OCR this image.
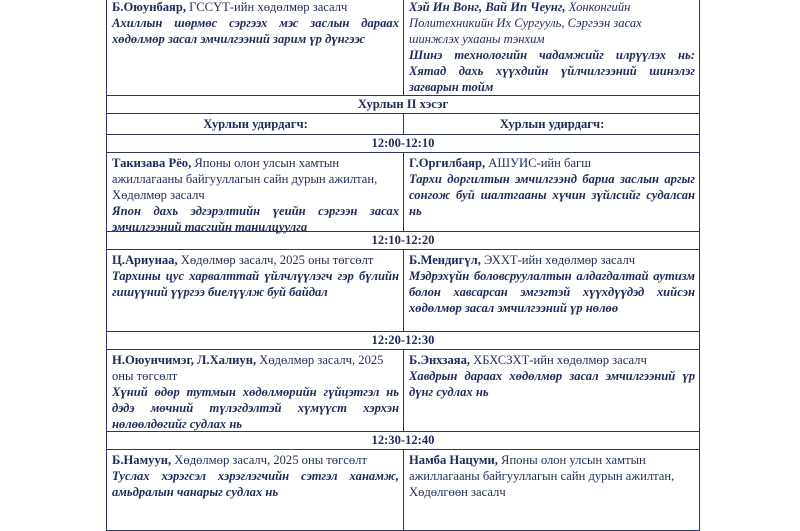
Б.Оюунбаяр, ГССҮТ-ийн хөдөлмөр засалч
Ахиллын шөрмөс сэргээх мэс заслын дараах хөдөлмөр засал эмчилгээний зарим үр дүнгээс
Хэй Ин Вонг, Вай Ип Чеунг, Хонконгийн Политехникийн Их Сургууль, Сэргээн засах шинжлэх ухааны тэнхим
Шинэ технологийн чадамжийг илрүүлэх нь: Хятад дахь хүүхдийн үйлчилгээний шинэлэг загварын тойм
Хурлын II хэсэг
Хурлын удирдагч:	Хурлын удирдагч:
12:00-12:10
Такизава Рёо, Японы олон улсын хамтын ажиллагааны байгууллагын сайн дурын ажилтан, Хөдөлмөр засалч
Япон дахь эдгэрэлтийн үеийн сэргээн засах эмчилгээний тасгийн танилцуулга
Г.Оргилбаяр, АШУИС-ийн багш
Тархи доргилтын эмчилгээнд бариа заслын аргыг сонгож буй шалтгааны хүчин зүйлсийг судалсан нь
12:10-12:20
Ц.Ариунаа, Хөдөлмөр засалч, 2025 оны төгсөлт
Тархины цус харвалттай үйлчлүүлэгч гэр бүлийн гишүүний үүргээ биелүүлж буй байдал
Б.Мендигүл, ЭХХТ-ийн хөдөлмөр засалч
Мэдрэхүйн боловсруулалтын алдагдалтай аутизм болон хавсарсан эмгэгтэй хүүхдүүдэд хийсэн хөдөлмөр засал эмчилгээний үр нөлөө
12:20-12:30
Н.Оюунчимэг, Л.Халиун, Хөдөлмөр засалч, 2025 оны төгсөлт
Хүний өдөр тутмын хөдөлмөрийн гүйцэтгэл нь дэдэ мөчний түлэгдэлтэй хүмүүст хэрхэн нөлөөлдөгийг судлах нь
Б.Энхзаяа, ХБХСЗХТ-ийн хөдөлмөр засалч
Хавдрын дараах хөдөлмөр засал эмчилгээний үр дүнг судлах нь
12:30-12:40
Б.Намуун, Хөдөлмөр засалч, 2025 оны төгсөлт
Туслах хэрэгсэл хэрэглэгчийн сэтгэл ханамж, амьдралын чанарыг судлах нь
Намба Нацуми, Японы олон улсын хамтын ажиллагааны байгууллагын сайн дурын ажилтан, Хөдөлгөөн засалч
